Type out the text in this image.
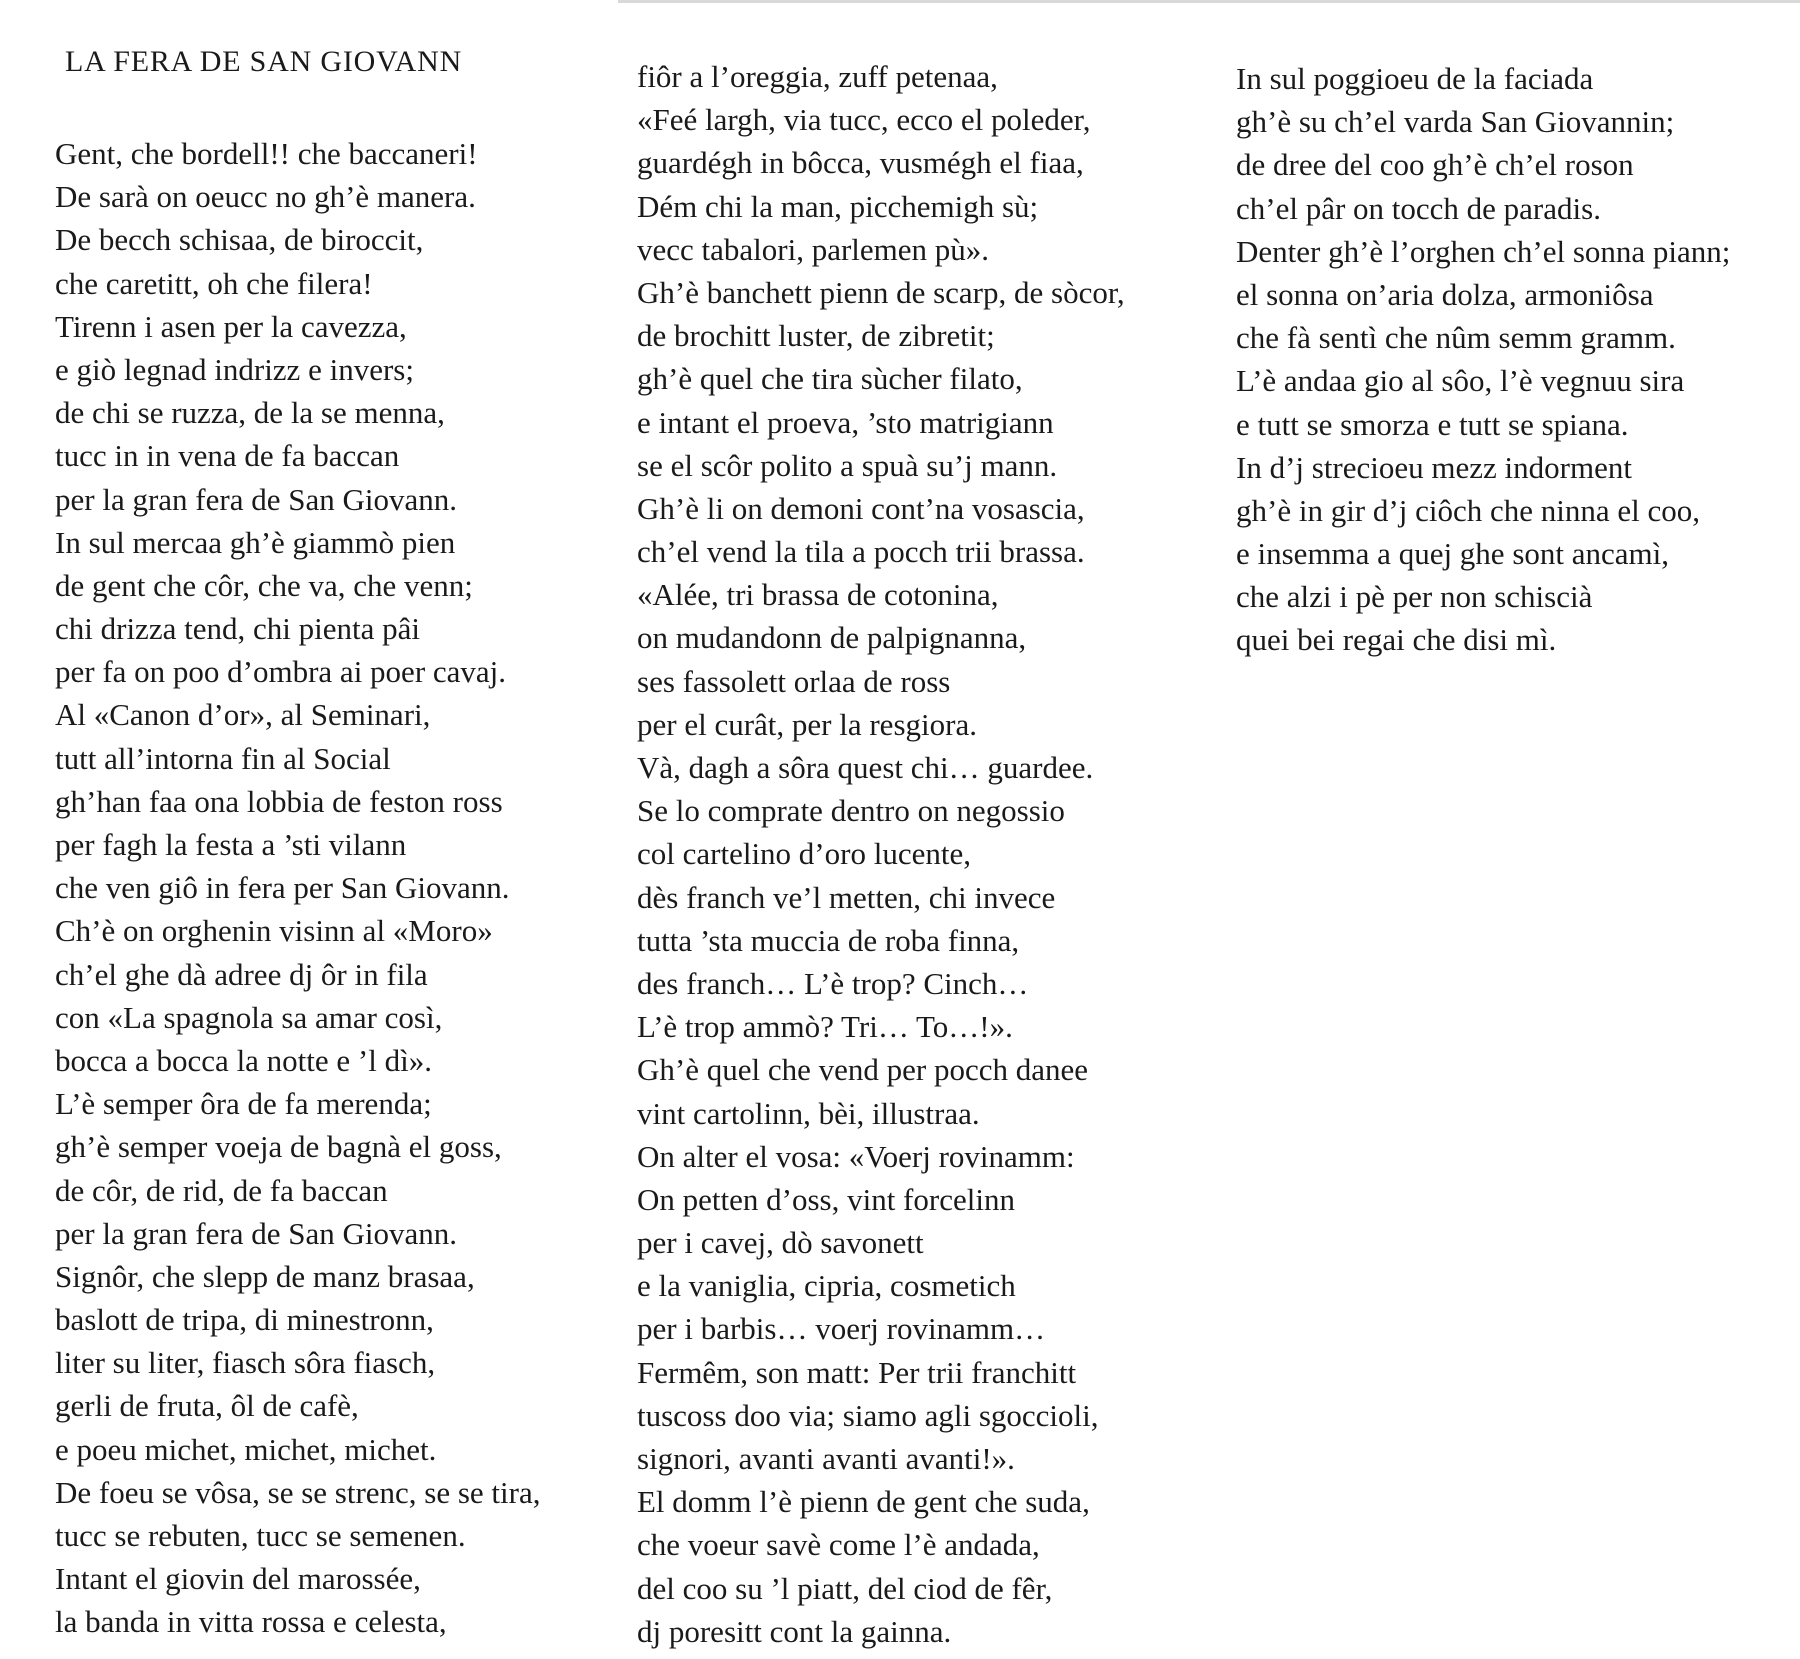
LA FERA DE SAN GIOVANN
Gent, che bordell!! che baccaneri!
De sarà on oeucc no gh’è manera.
De becch schisaa, de biroccit,
che caretitt, oh che filera!
Tirenn i asen per la cavezza,
e giò legnad indrizz e invers;
de chi se ruzza, de la se menna,
tucc in in vena de fa baccan
per la gran fera de San Giovann.
In sul mercaa gh’è giammò pien
de gent che côr, che va, che venn;
chi drizza tend, chi pienta pâi
per fa on poo d’ombra ai poer cavaj.
Al «Canon d’or», al Seminari,
tutt all’intorna fin al Social
gh’han faa ona lobbia de feston ross
per fagh la festa a ’sti vilann
che ven giô in fera per San Giovann.
Ch’è on orghenin visinn al «Moro»
ch’el ghe dà adree dj ôr in fila
con «La spagnola sa amar così,
bocca a bocca la notte e ’l dì».
L’è semper ôra de fa merenda;
gh’è semper voeja de bagnà el goss,
de côr, de rid, de fa baccan
per la gran fera de San Giovann.
Signôr, che slepp de manz brasaa,
baslott de tripa, di minestronn,
liter su liter, fiasch sôra fiasch,
gerli de fruta, ôl de cafè,
e poeu michet, michet, michet.
De foeu se vôsa, se se strenc, se se tira,
tucc se rebuten, tucc se semenen.
Intant el giovin del marossée,
la banda in vitta rossa e celesta,
fiôr a l’oreggia, zuff petenaa,
«Feé largh, via tucc, ecco el poleder,
guardégh in bôcca, vusmégh el fiaa,
Dém chi la man, picchemigh sù;
vecc tabalori, parlemen pù».
Gh’è banchett pienn de scarp, de sòcor,
de brochitt luster, de zibretit;
gh’è quel che tira sùcher filato,
e intant el proeva, ’sto matrigiann
se el scôr polito a spuà su’j mann.
Gh’è li on demoni cont’na vosascia,
ch’el vend la tila a pocch trii brassa.
«Alée, tri brassa de cotonina,
on mudandonn de palpignanna,
ses fassolett orlaa de ross
per el curât, per la resgiora.
Và, dagh a sôra quest chi… guardee.
Se lo comprate dentro on negossio
col cartelino d’oro lucente,
dès franch ve’l metten, chi invece
tutta ’sta muccia de roba finna,
des franch… L’è trop? Cinch…
L’è trop ammò? Tri… To…!».
Gh’è quel che vend per pocch danee
vint cartolinn, bèi, illustraa.
On alter el vosa: «Voerj rovinamm:
On petten d’oss, vint forcelinn
per i cavej, dò savonett
e la vaniglia, cipria, cosmetich
per i barbis… voerj rovinamm…
Fermêm, son matt: Per trii franchitt
tuscoss doo via; siamo agli sgoccioli,
signori, avanti avanti avanti!».
El domm l’è pienn de gent che suda,
che voeur savè come l’è andada,
del coo su ’l piatt, del ciod de fêr,
dj poresitt cont la gainna.
In sul poggioeu de la faciada
gh’è su ch’el varda San Giovannin;
de dree del coo gh’è ch’el roson
ch’el pâr on tocch de paradis.
Denter gh’è l’orghen ch’el sonna piann;
el sonna on’aria dolza, armoniôsa
che fà sentì che nûm semm gramm.
L’è andaa gio al sôo, l’è vegnuu sira
e tutt se smorza e tutt se spiana.
In d’j strecioeu mezz indorment
gh’è in gir d’j ciôch che ninna el coo,
e insemma a quej ghe sont ancamì,
che alzi i pè per non schiscià
quei bei regai che disi mì.
